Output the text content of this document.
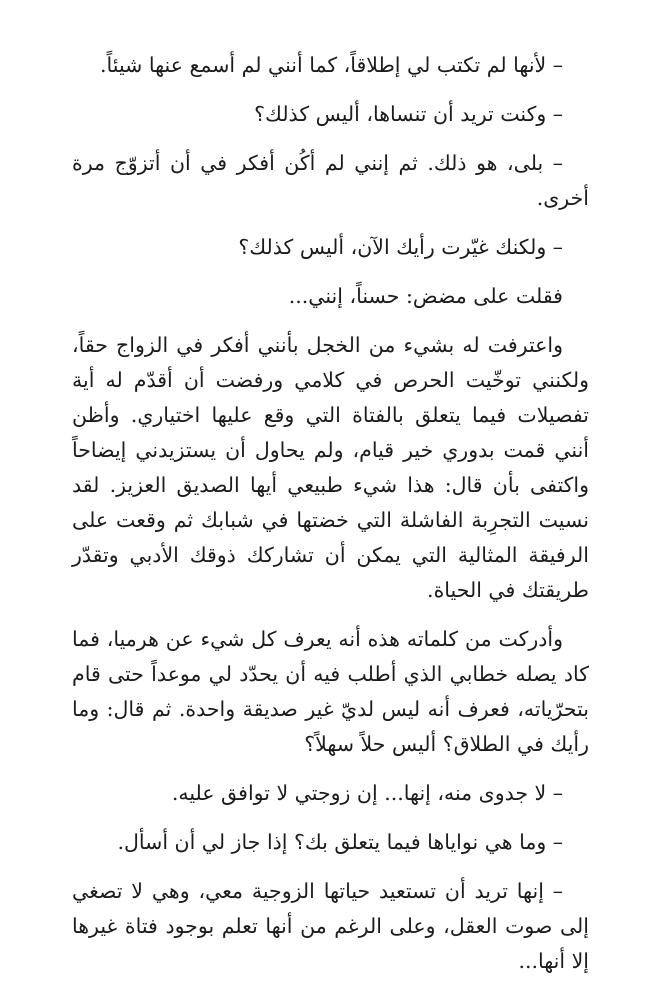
– لأنها لم تكتب لي إطلاقاً، كما أنني لم أسمع عنها شيئاً.

– وكنت تريد أن تنساها، أليس كذلك؟

– بلى، هو ذلك. ثم إنني لم أكُن أفكر في أن أتزوّج مرة أخرى.

– ولكنك غيّرت رأيك الآن، أليس كذلك؟

فقلت على مضض: حسناً، إنني...

واعترفت له بشيء من الخجل بأنني أفكر في الزواج حقاً، ولكنني توخّيت الحرص في كلامي ورفضت أن أقدّم له أية تفصيلات فيما يتعلق بالفتاة التي وقع عليها اختياري. وأظن أنني قمت بدوري خير قيام، ولم يحاول أن يستزيدني إيضاحاً واكتفى بأن قال: هذا شيء طبيعي أيها الصديق العزيز. لقد نسيت التجرِبة الفاشلة التي خضتها في شبابك ثم وقعت على الرفيقة المثالية التي يمكن أن تشاركك ذوقك الأدبي وتقدّر طريقتك في الحياة.

وأدركت من كلماته هذه أنه يعرف كل شيء عن هرميا، فما كاد يصله خطابي الذي أطلب فيه أن يحدّد لي موعداً حتى قام بتحرّياته، فعرف أنه ليس لديّ غير صديقة واحدة. ثم قال: وما رأيك في الطلاق؟ أليس حلاً سهلاً؟

– لا جدوى منه، إنها... إن زوجتي لا توافق عليه.

– وما هي نواياها فيما يتعلق بك؟ إذا جاز لي أن أسأل.

– إنها تريد أن تستعيد حياتها الزوجية معي، وهي لا تصغي إلى صوت العقل، وعلى الرغم من أنها تعلم بوجود فتاة غيرها إلا أنها...
